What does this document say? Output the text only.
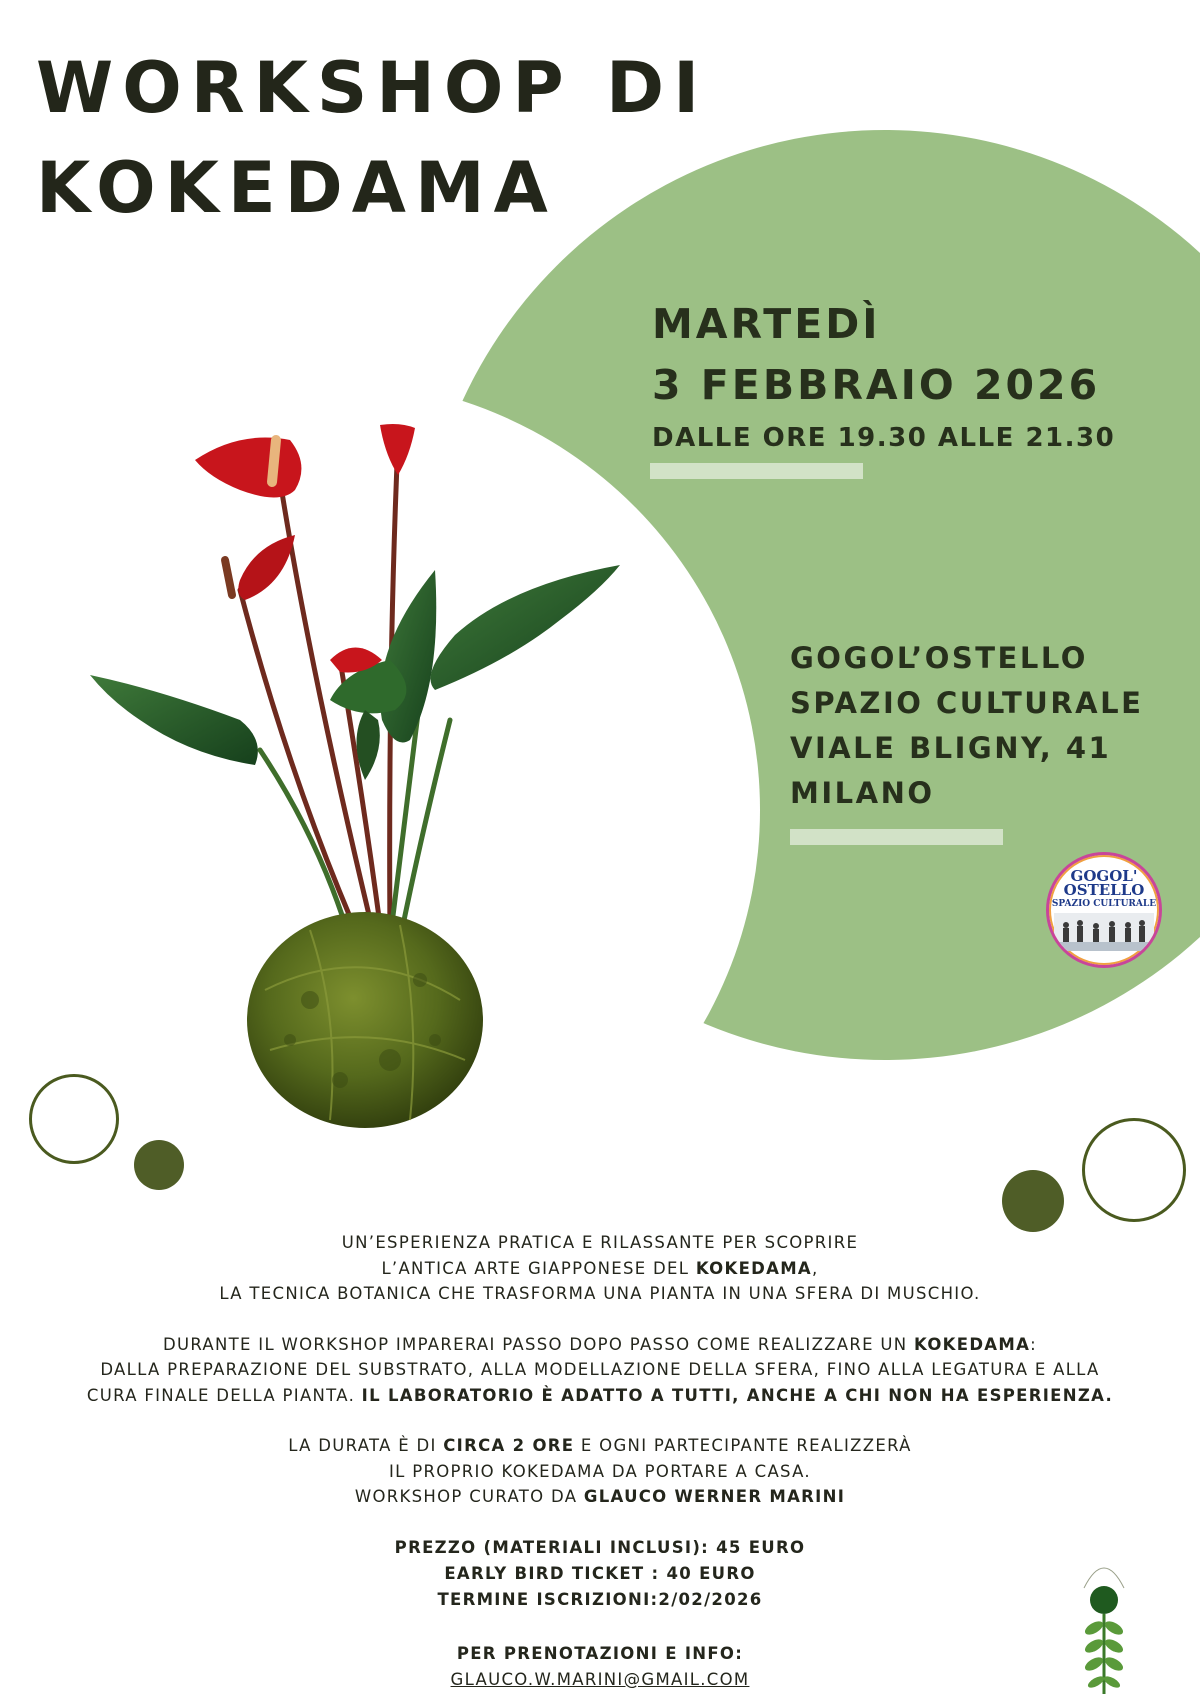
WORKSHOP DI
KOKEDAMA
MARTEDÌ
3 FEBBRAIO 2026
DALLE ORE 19.30 ALLE 21.30
GOGOL’OSTELLO
SPAZIO CULTURALE
VIALE BLIGNY, 41
MILANO
GOGOL'
OSTELLO
SPAZIO CULTURALE

UN’ESPERIENZA PRATICA E RILASSANTE PER SCOPRIRE
L’ANTICA ARTE GIAPPONESE DEL KOKEDAMA,
LA TECNICA BOTANICA CHE TRASFORMA UNA PIANTA IN UNA SFERA DI MUSCHIO.

DURANTE IL WORKSHOP IMPARERAI PASSO DOPO PASSO COME REALIZZARE UN KOKEDAMA:
DALLA PREPARAZIONE DEL SUBSTRATO, ALLA MODELLAZIONE DELLA SFERA, FINO ALLA LEGATURA E ALLA
CURA FINALE DELLA PIANTA. IL LABORATORIO È ADATTO A TUTTI, ANCHE A CHI NON HA ESPERIENZA.

LA DURATA È DI CIRCA 2 ORE E OGNI PARTECIPANTE REALIZZERÀ
IL PROPRIO KOKEDAMA DA PORTARE A CASA.
WORKSHOP CURATO DA GLAUCO WERNER MARINI

PREZZO (MATERIALI INCLUSI): 45 EURO

EARLY BIRD TICKET : 40 EURO

TERMINE ISCRIZIONI:2/02/2026

PER PRENOTAZIONI E INFO:

GLAUCO.W.MARINI@GMAIL.COM
